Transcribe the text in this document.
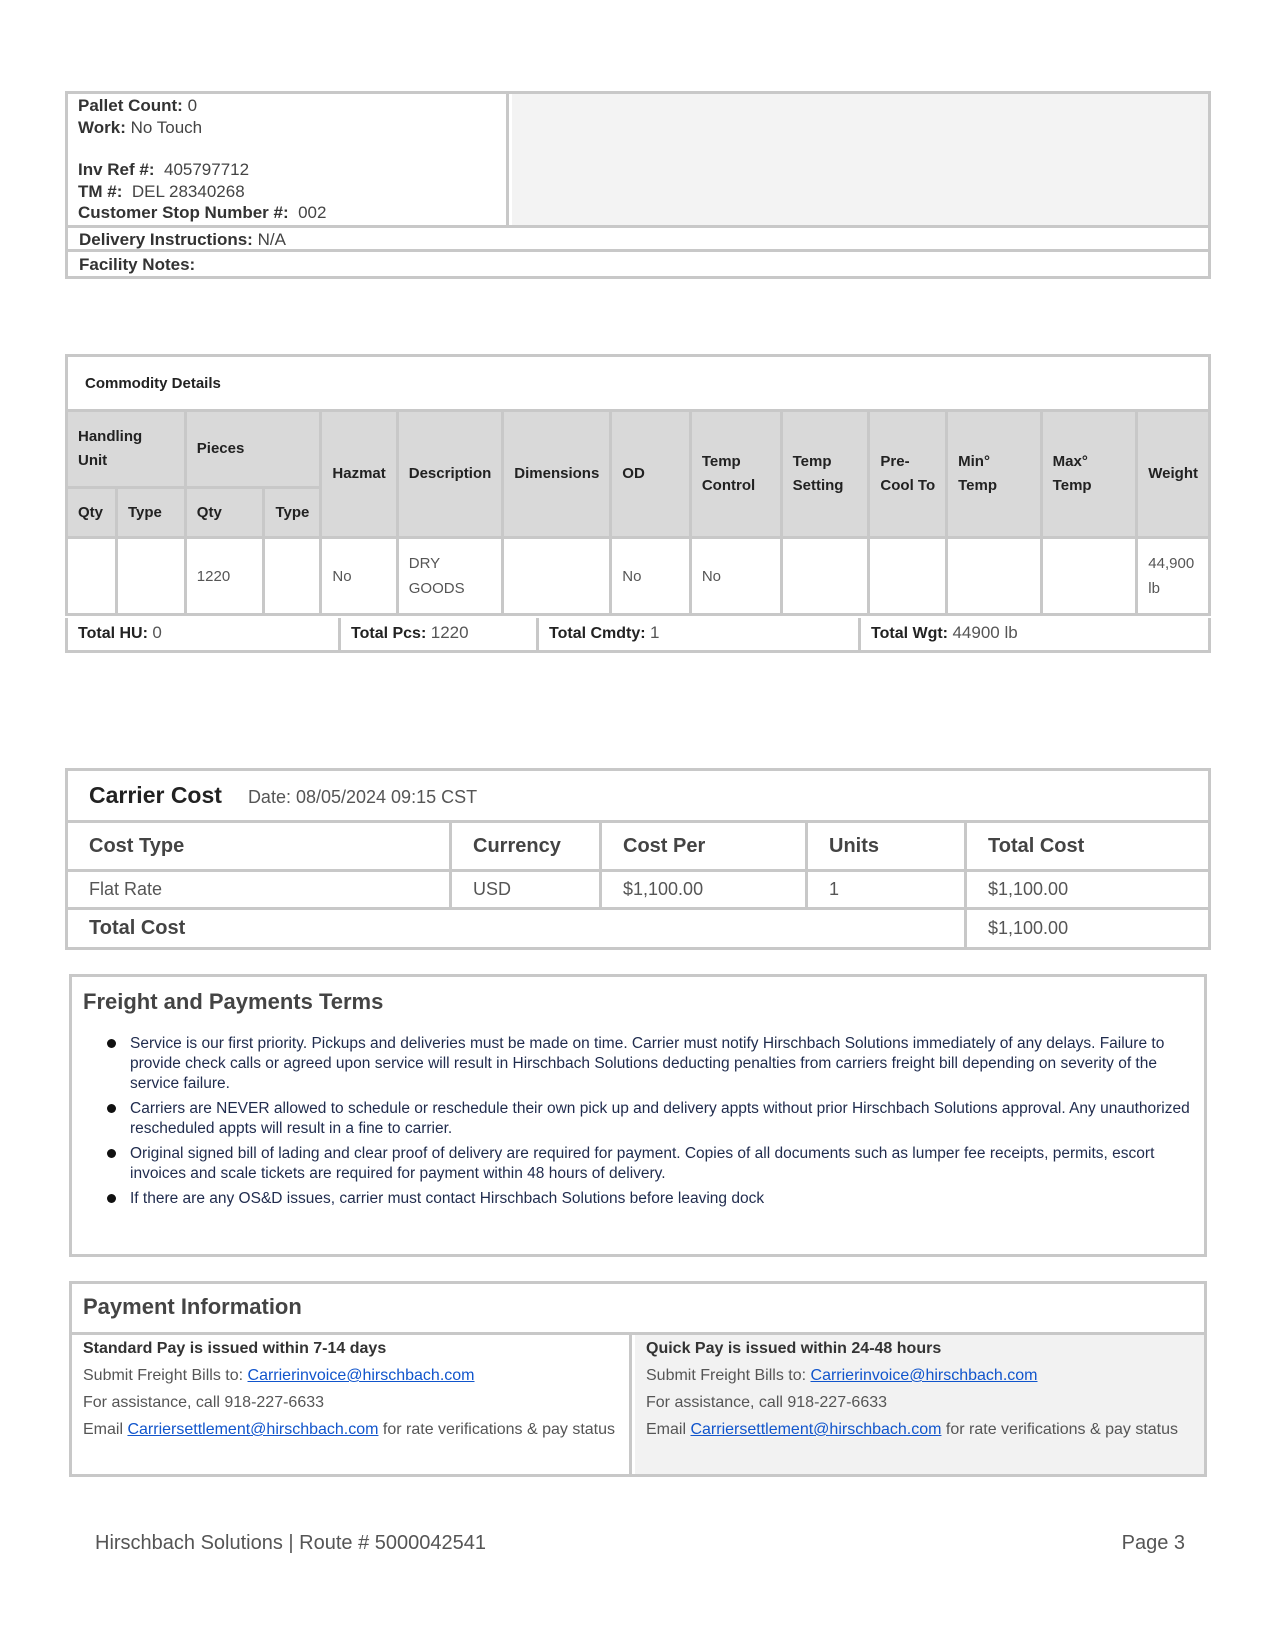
Pallet Count: 0
Work: No Touch
Inv Ref #: 405797712
TM #: DEL 28340268
Customer Stop Number #: 002
Delivery Instructions: N/A
Facility Notes:
Commodity Details													
Handling Unit		Pieces		Hazmat	Description	Dimensions	OD	Temp Control	Temp Setting	Pre-Cool To	Min° Temp	Max° Temp	Weight
Qty	Type	Qty	Type										

		1220		No	DRY GOODS		No	No					44,900 lb
Total HU: 0	Total Pcs: 1220	Total Cmdty: 1	Total Wgt: 44900 lb
Carrier Cost Date: 08/05/2024 09:15 CST				
Cost Type	Currency	Cost Per	Units	Total Cost
Flat Rate	USD	$1,100.00	1	$1,100.00
Total Cost				$1,100.00
Freight and Payments Terms
Service is our first priority. Pickups and deliveries must be made on time. Carrier must notify Hirschbach Solutions immediately of any delays. Failure to provide check calls or agreed upon service will result in Hirschbach Solutions deducting penalties from carriers freight bill depending on severity of the service failure.
Carriers are NEVER allowed to schedule or reschedule their own pick up and delivery appts without prior Hirschbach Solutions approval. Any unauthorized rescheduled appts will result in a fine to carrier.
Original signed bill of lading and clear proof of delivery are required for payment. Copies of all documents such as lumper fee receipts, permits, escort invoices and scale tickets are required for payment within 48 hours of delivery.
If there are any OS&D issues, carrier must contact Hirschbach Solutions before leaving dock
Payment Information
Standard Pay is issued within 7-14 days

Submit Freight Bills to: Carrierinvoice@hirschbach.com

For assistance, call 918-227-6633

Email Carriersettlement@hirschbach.com for rate verifications & pay status

Quick Pay is issued within 24-48 hours

Submit Freight Bills to: Carrierinvoice@hirschbach.com

For assistance, call 918-227-6633

Email Carriersettlement@hirschbach.com for rate verifications & pay status

Hirschbach Solutions | Route # 5000042541	Page 3
